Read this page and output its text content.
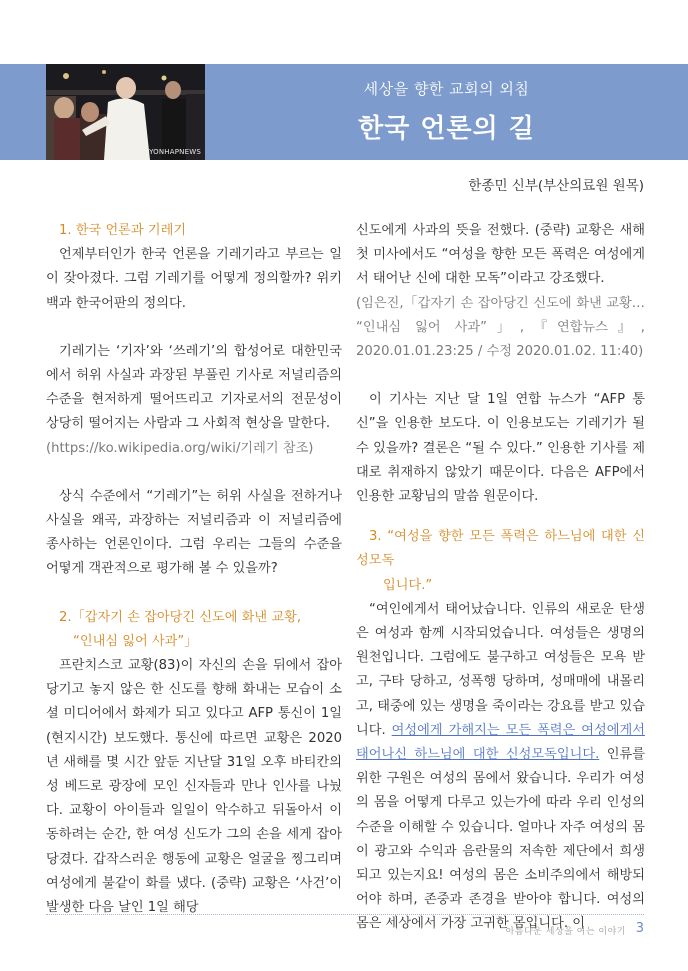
YONHAPNEWS
세상을 향한 교회의 외침
한국 언론의 길
한종민 신부(부산의료원 원목)

1. 한국 언론과 기레기

언제부터인가 한국 언론을 기레기라고 부르는 일이 잦아졌다. 그럼 기레기를 어떻게 정의할까? 위키백과 한국어판의 정의다.

기레기는 ‘기자’와 ‘쓰레기’의 합성어로 대한민국에서 허위 사실과 과장된 부풀린 기사로 저널리즘의 수준을 현저하게 떨어뜨리고 기자로서의 전문성이 상당히 떨어지는 사람과 그 사회적 현상을 말한다.

(https://ko.wikipedia.org/wiki/기레기 참조)

상식 수준에서 “기레기”는 허위 사실을 전하거나 사실을 왜곡, 과장하는 저널리즘과 이 저널리즘에 종사하는 언론인이다. 그럼 우리는 그들의 수준을 어떻게 객관적으로 평가해 볼 수 있을까?

2.「갑자기 손 잡아당긴 신도에 화낸 교황,
“인내심 잃어 사과”」

프란치스코 교황(83)이 자신의 손을 뒤에서 잡아당기고 놓지 않은 한 신도를 향해 화내는 모습이 소셜 미디어에서 화제가 되고 있다고 AFP 통신이 1일(현지시간) 보도했다. 통신에 따르면 교황은 2020년 새해를 몇 시간 앞둔 지난달 31일 오후 바티칸의 성 베드로 광장에 모인 신자들과 만나 인사를 나눴다. 교황이 아이들과 일일이 악수하고 뒤돌아서 이동하려는 순간, 한 여성 신도가 그의 손을 세게 잡아당겼다. 갑작스러운 행동에 교황은 얼굴을 찡그리며 여성에게 불같이 화를 냈다. (중략) 교황은 ‘사건’이 발생한 다음 날인 1일 해당

신도에게 사과의 뜻을 전했다. (중략) 교황은 새해 첫 미사에서도 “여성을 향한 모든 폭력은 여성에게서 태어난 신에 대한 모독”이라고 강조했다.

(임은진,「갑자기 손 잡아당긴 신도에 화낸 교황… “인내심 잃어 사과”」,『연합뉴스』, 2020.01.01.23:25 / 수정 2020.01.02. 11:40)

이 기사는 지난 달 1일 연합 뉴스가 “AFP 통신”을 인용한 보도다. 이 인용보도는 기레기가 될 수 있을까? 결론은 “될 수 있다.” 인용한 기사를 제대로 취재하지 않았기 때문이다. 다음은 AFP에서 인용한 교황님의 말씀 원문이다.

3. “여성을 향한 모든 폭력은 하느님에 대한 신성모독
입니다.”

“여인에게서 태어났습니다. 인류의 새로운 탄생은 여성과 함께 시작되었습니다. 여성들은 생명의 원천입니다. 그럼에도 불구하고 여성들은 모욕 받고, 구타 당하고, 성폭행 당하며, 성매매에 내몰리고, 태중에 있는 생명을 죽이라는 강요를 받고 있습니다. 여성에게 가해지는 모든 폭력은 여성에게서 태어나신 하느님에 대한 신성모독입니다. 인류를 위한 구원은 여성의 몸에서 왔습니다. 우리가 여성의 몸을 어떻게 다루고 있는가에 따라 우리 인성의 수준을 이해할 수 있습니다. 얼마나 자주 여성의 몸이 광고와 수익과 음란물의 저속한 제단에서 희생되고 있는지요! 여성의 몸은 소비주의에서 해방되어야 하며, 존중과 존경을 받아야 합니다. 여성의 몸은 세상에서 가장 고귀한 몸입니다. 이

아름다운 세상을 여는 이야기 3
